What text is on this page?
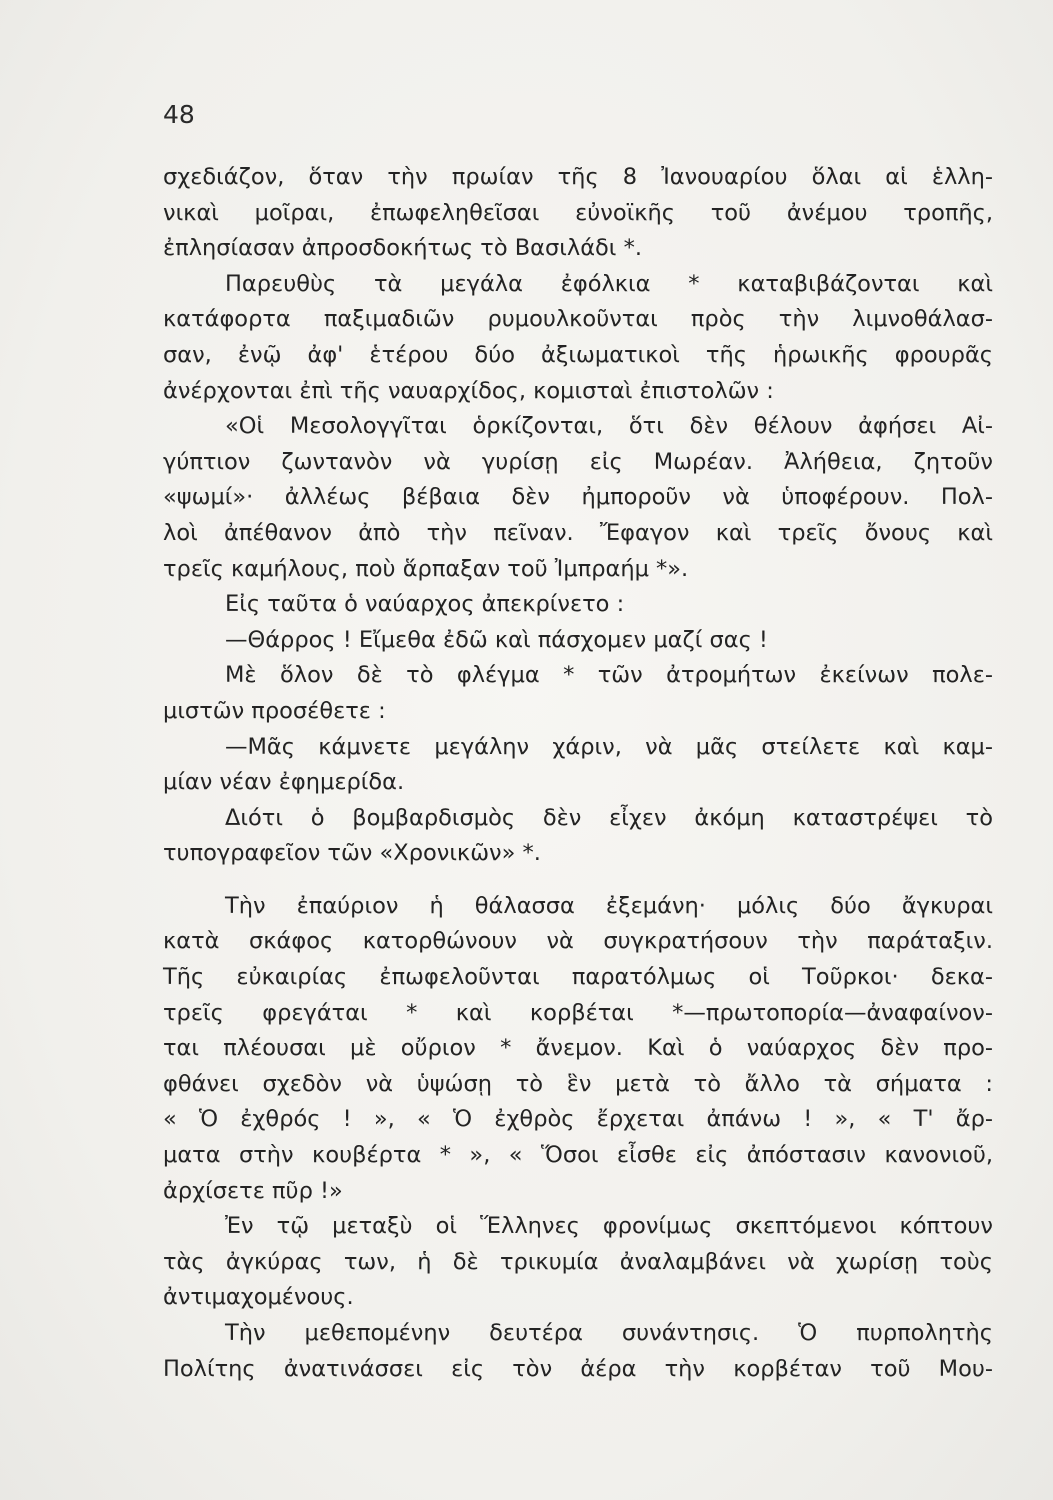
48
σχεδιάζον, ὅταν τὴν πρωίαν τῆς 8 Ἰανουαρίου ὅλαι αἱ ἑλλη-
νικαὶ μοῖραι, ἐπωφεληθεῖσαι εὐνοϊκῆς τοῦ ἀνέμου τροπῆς,
ἐπλησίασαν ἀπροσδοκήτως τὸ Βασιλάδι *.
Παρευθὺς τὰ μεγάλα ἐφόλκια * καταβιβάζονται καὶ
κατάφορτα παξιμαδιῶν ρυμουλκοῦνται πρὸς τὴν λιμνοθάλασ-
σαν, ἐνῷ ἀφ' ἑτέρου δύο ἀξιωματικοὶ τῆς ἡρωικῆς φρουρᾶς
ἀνέρχονται ἐπὶ τῆς ναυαρχίδος, κομισταὶ ἐπιστολῶν :
«Οἱ Μεσολογγῖται ὁρκίζονται, ὅτι δὲν θέλουν ἀφήσει Αἰ-
γύπτιον ζωντανὸν νὰ γυρίσῃ εἰς Μωρέαν. Ἀλήθεια, ζητοῦν
«ψωμί»· ἀλλέως βέβαια δὲν ἠμποροῦν νὰ ὑποφέρουν. Πολ-
λοὶ ἀπέθανον ἀπὸ τὴν πεῖναν. Ἔφαγον καὶ τρεῖς ὄνους καὶ
τρεῖς καμήλους, ποὺ ἅρπαξαν τοῦ Ἰμπραήμ *».
Εἰς ταῦτα ὁ ναύαρχος ἀπεκρίνετο :
—Θάρρος ! Εἴμεθα ἐδῶ καὶ πάσχομεν μαζί σας !
Μὲ ὅλον δὲ τὸ φλέγμα * τῶν ἀτρομήτων ἐκείνων πολε-
μιστῶν προσέθετε :
—Μᾶς κάμνετε μεγάλην χάριν, νὰ μᾶς στείλετε καὶ καμ-
μίαν νέαν ἐφημερίδα.
Διότι ὁ βομβαρδισμὸς δὲν εἶχεν ἀκόμη καταστρέψει τὸ
τυπογραφεῖον τῶν «Χρονικῶν» *.
Τὴν ἐπαύριον ἡ θάλασσα ἐξεμάνη· μόλις δύο ἄγκυραι
κατὰ σκάφος κατορθώνουν νὰ συγκρατήσουν τὴν παράταξιν.
Τῆς εὐκαιρίας ἐπωφελοῦνται παρατόλμως οἱ Τοῦρκοι· δεκα-
τρεῖς φρεγάται * καὶ κορβέται *—πρωτοπορία—ἀναφαίνον-
ται πλέουσαι μὲ οὔριον * ἄνεμον. Καὶ ὁ ναύαρχος δὲν προ-
φθάνει σχεδὸν νὰ ὑψώσῃ τὸ ἓν μετὰ τὸ ἄλλο τὰ σήματα :
« Ὁ ἐχθρός ! », « Ὁ ἐχθρὸς ἔρχεται ἀπάνω ! », « Τ' ἄρ-
ματα στὴν κουβέρτα * », « Ὅσοι εἶσθε εἰς ἀπόστασιν κανονιοῦ,
ἀρχίσετε πῦρ !»
Ἐν τῷ μεταξὺ οἱ Ἕλληνες φρονίμως σκεπτόμενοι κόπτουν
τὰς ἀγκύρας των, ἡ δὲ τρικυμία ἀναλαμβάνει νὰ χωρίσῃ τοὺς
ἀντιμαχομένους.
Τὴν μεθεπομένην δευτέρα συνάντησις. Ὁ πυρπολητὴς
Πολίτης ἀνατινάσσει εἰς τὸν ἀέρα τὴν κορβέταν τοῦ Μου-
